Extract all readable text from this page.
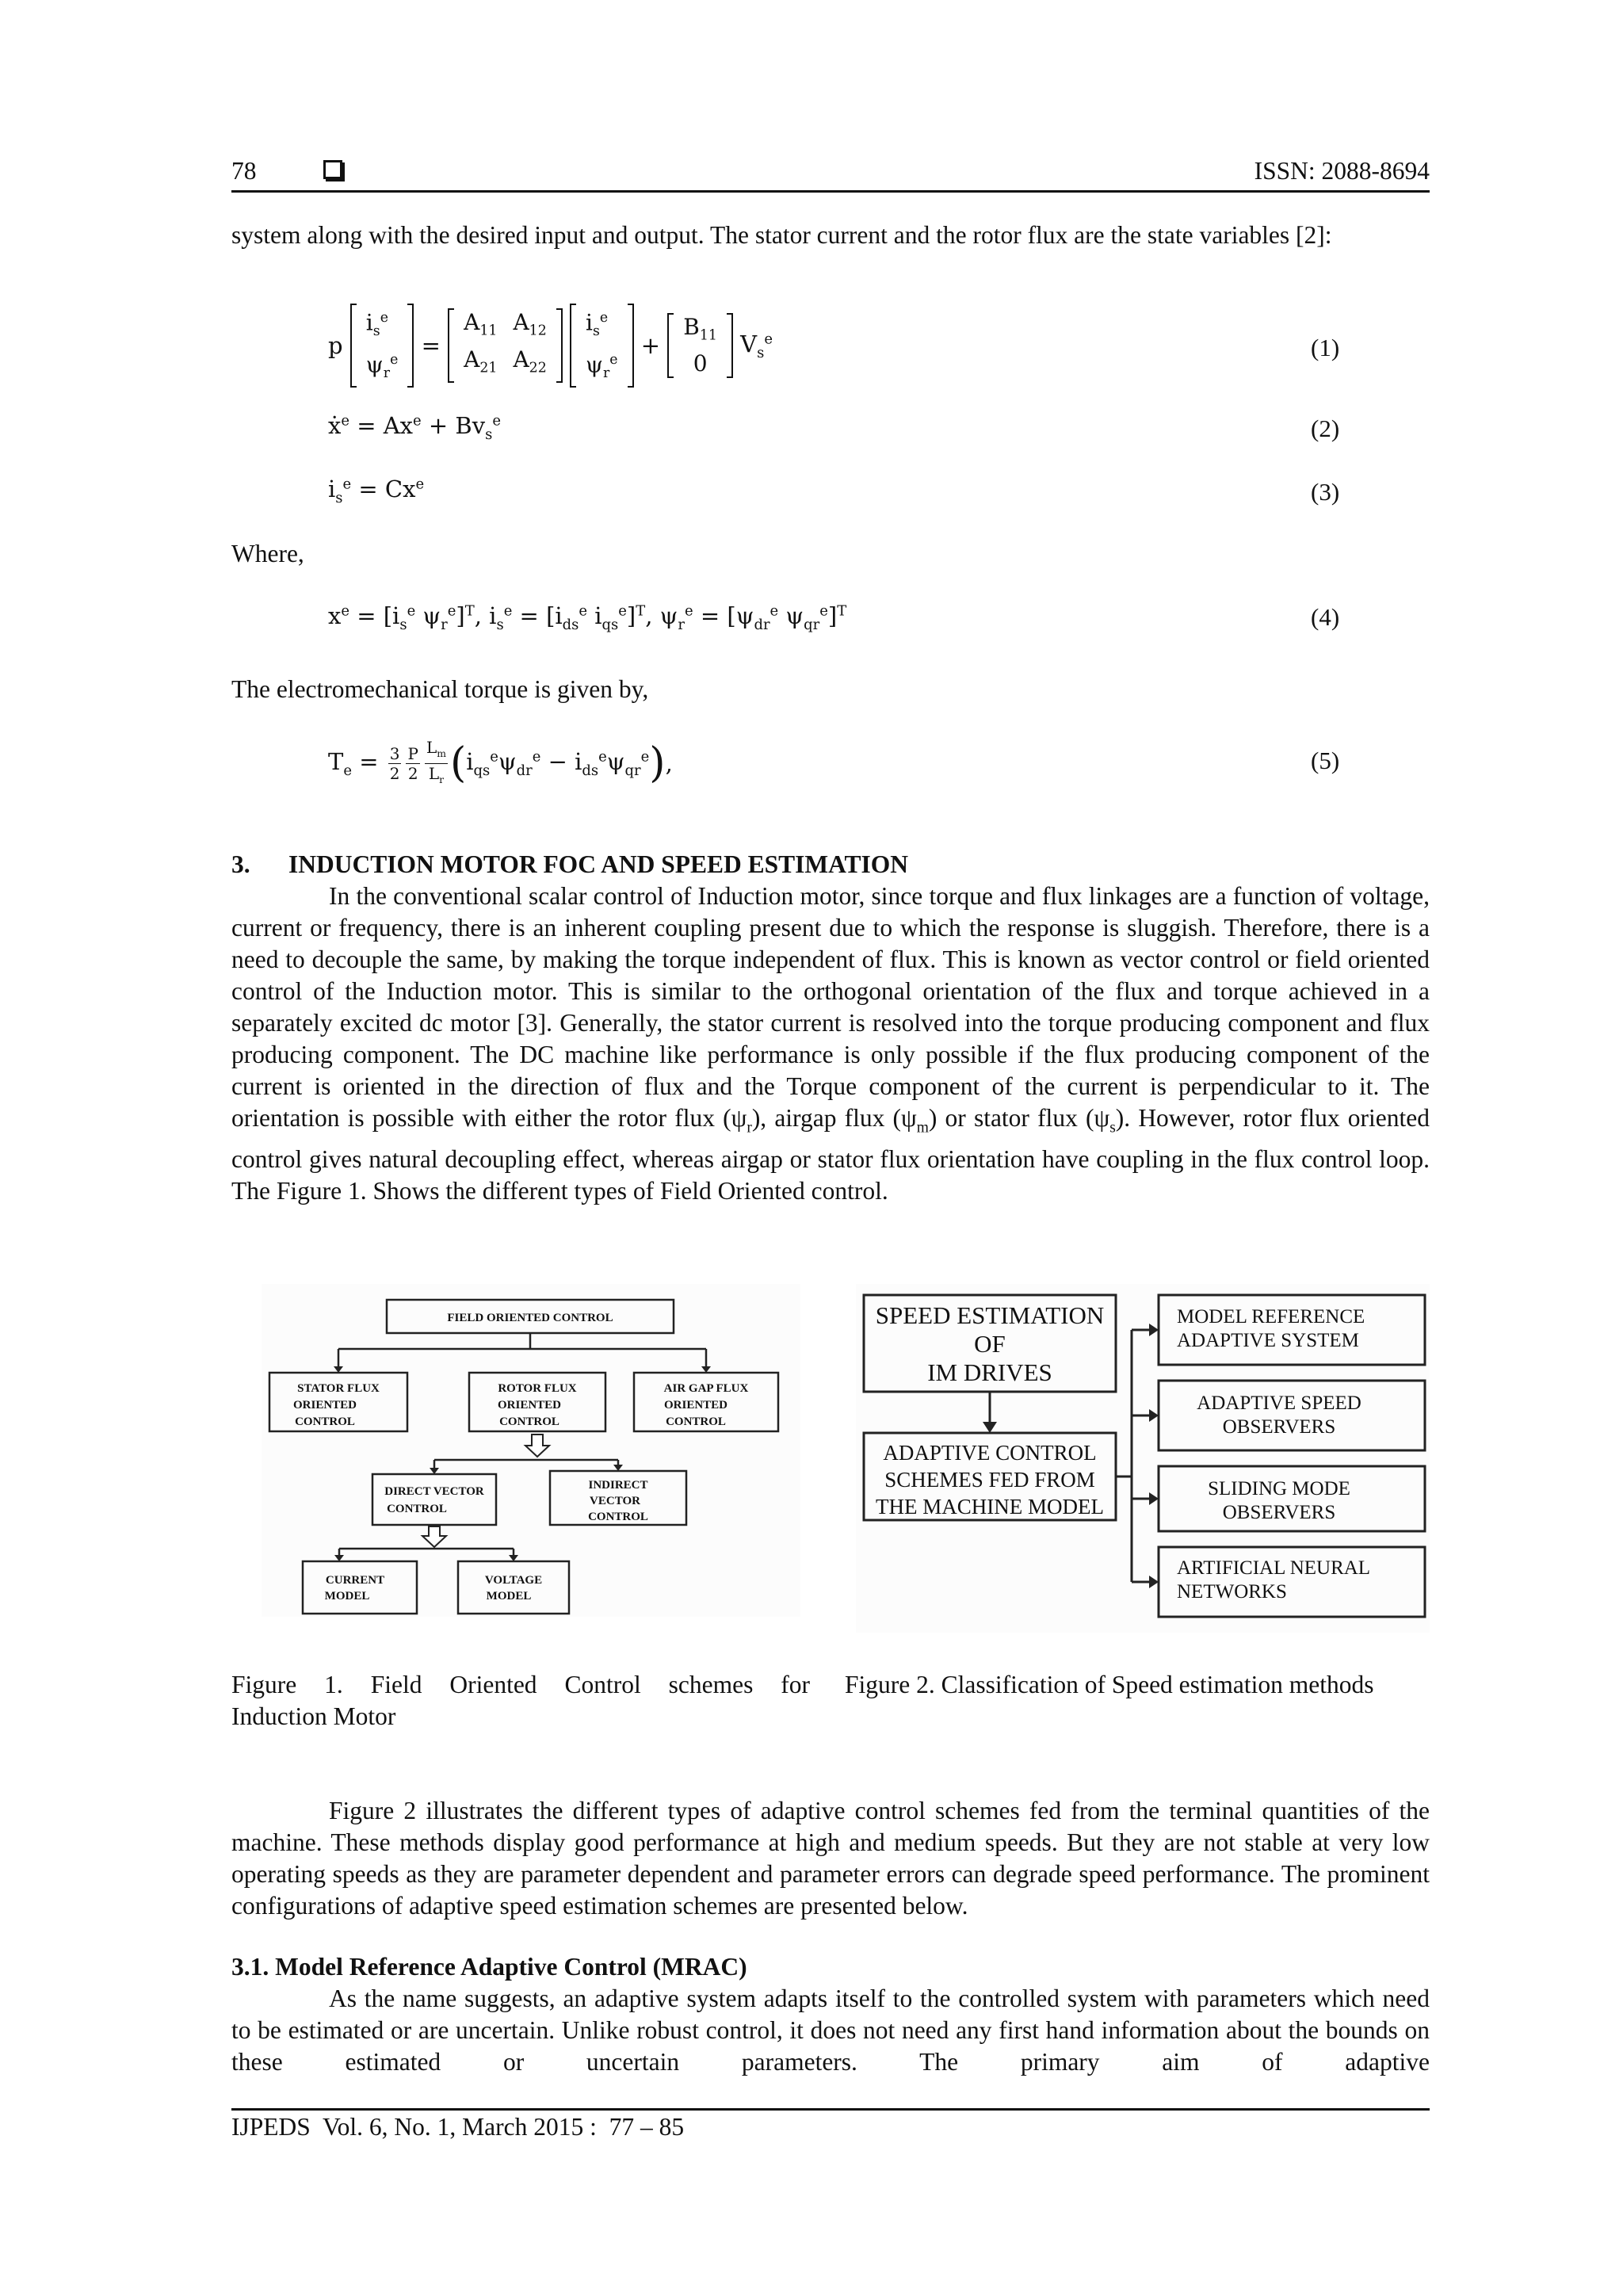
78	ISSN: 2088-8694
system along with the desired input and output. The stator current and the rotor flux are the state variables [2]:
p
$i_s^e$
$\psi_r^e$
=
$A_{11}$	$A_{12}$
$A_{21}$	$A_{22}$

$i_s^e$
$\psi_r^e$
+
$B_{11}$
0
$V_s^e$	(1)
ẋ$^e$ = $Ax^e + Bv_s^e$	(2)
$i_s^e = Cx^e$	(3)
Where,
$x^e = [i_s^e$ $\psi_r^e]^T$, $i_s^e = [i_{ds}^e$ $i_{qs}^e]^T$, $\psi_r^e = [\psi_{dr}^e$ $\psi_{qr}^e]^T$	(4)
The electromechanical torque is given by,
$T_e = \frac{3}{2} \frac{P}{2} \frac{L_m}{L_r}$ ( $i_{qs}^e\psi_{dr}^e - i_{ds}^e\psi_{qr}^e$ ) ,	(5)
3. INDUCTION MOTOR FOC AND SPEED ESTIMATION
In the conventional scalar control of Induction motor, since torque and flux linkages are a function of voltage, current or frequency, there is an inherent coupling present due to which the response is sluggish. Therefore, there is a need to decouple the same, by making the torque independent of flux. This is known as vector control or field oriented control of the Induction motor. This is similar to the orthogonal orientation of the flux and torque achieved in a separately excited dc motor [3]. Generally, the stator current is resolved into the torque producing component and flux producing component. The DC machine like performance is only possible if the flux producing component of the current is oriented in the direction of flux and the Torque component of the current is perpendicular to it. The orientation is possible with either the rotor flux $(\psi_r)$, airgap flux $(\psi_m)$ or stator flux $(\psi_s)$. However, rotor flux oriented control gives natural decoupling effect, whereas airgap or stator flux orientation have coupling in the flux control loop. The Figure 1. Shows the different types of Field Oriented control.
FIELD ORIENTED CONTROL
STATOR FLUX
ORIENTED
CONTROL
ROTOR FLUX
ORIENTED
CONTROL
AIR GAP FLUX
ORIENTED
CONTROL
DIRECT VECTOR
CONTROL
INDIRECT
VECTOR
CONTROL
CURRENT
MODEL
VOLTAGE
MODEL
SPEED ESTIMATION
OF
IM DRIVES
ADAPTIVE CONTROL
SCHEMES FED FROM
THE MACHINE MODEL
MODEL REFERENCE
ADAPTIVE SYSTEM
ADAPTIVE SPEED
OBSERVERS
SLIDING MODE
OBSERVERS
ARTIFICIAL NEURAL
NETWORKS
Figure 1. Field Oriented Control schemes for
Induction Motor
Figure 2. Classification of Speed estimation methods
Figure 2 illustrates the different types of adaptive control schemes fed from the terminal quantities of the machine. These methods display good performance at high and medium speeds. But they are not stable at very low operating speeds as they are parameter dependent and parameter errors can degrade speed performance. The prominent configurations of adaptive speed estimation schemes are presented below.
3.1. Model Reference Adaptive Control (MRAC)
As the name suggests, an adaptive system adapts itself to the controlled system with parameters which need to be estimated or are uncertain. Unlike robust control, it does not need any first hand information about the bounds on these estimated or uncertain parameters. The primary aim of adaptive
IJPEDS  Vol. 6, No. 1, March 2015 :  77 – 85
